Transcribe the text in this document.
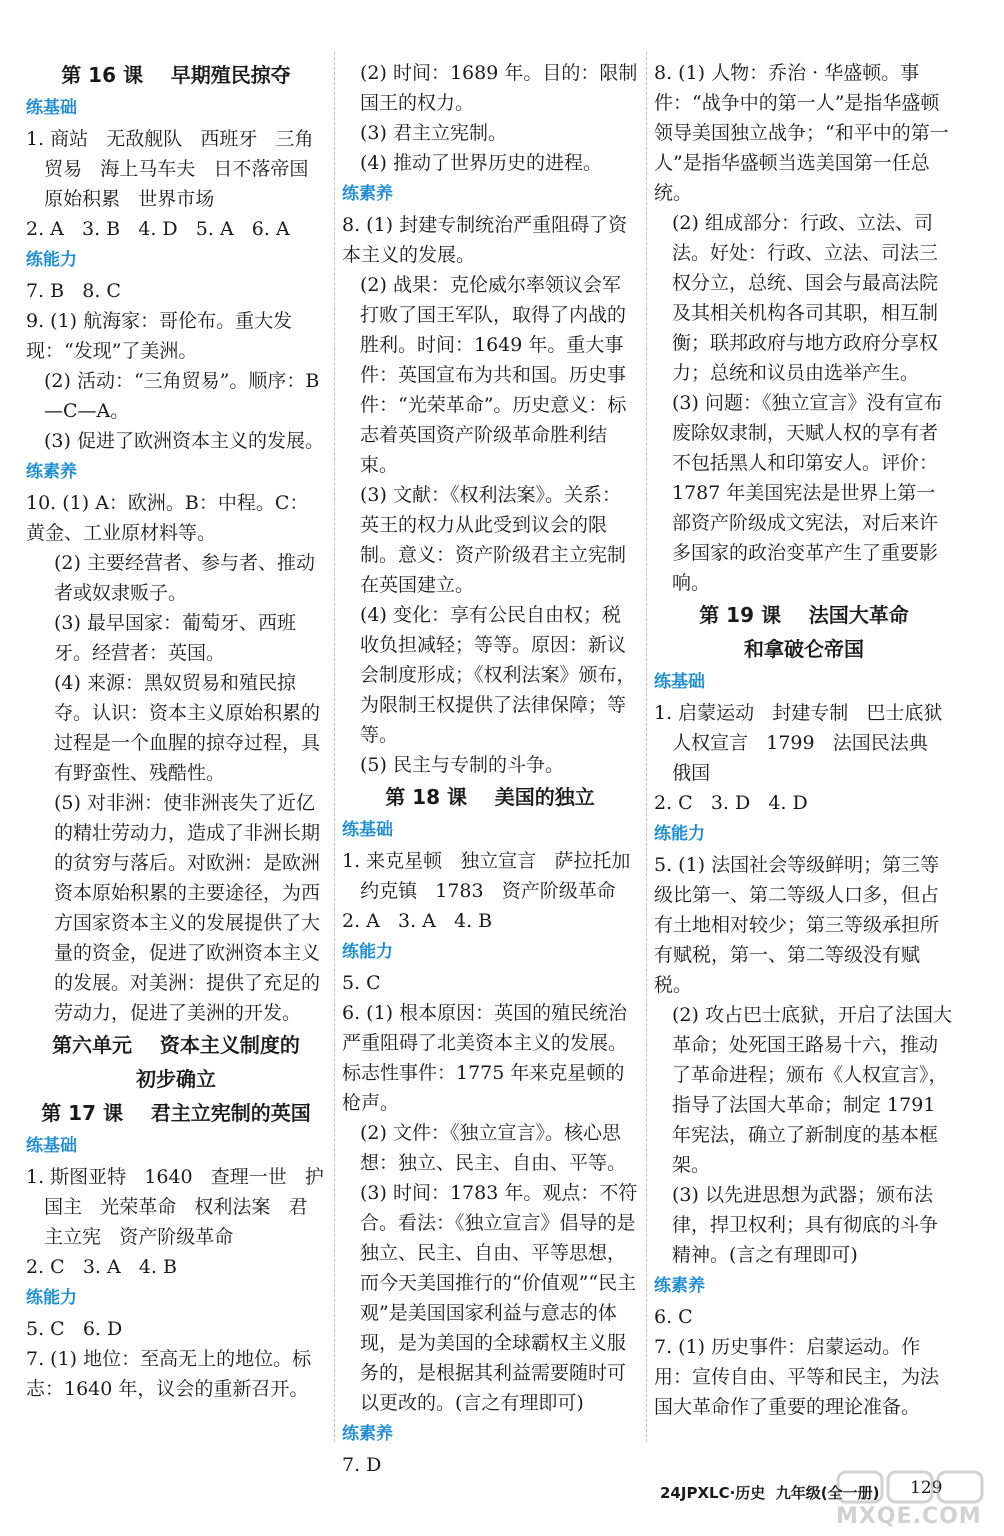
第 16 课    早期殖民掠夺
练基础
1. 商站   无敌舰队   西班牙   三角
贸易   海上马车夫   日不落帝国
原始积累   世界市场
2. A   3. B   4. D   5. A   6. A
练能力
7. B   8. C
9. (1) 航海家：哥伦布。重大发现：“发现”了美洲。
(2) 活动：“三角贸易”。顺序：B—C—A。
(3) 促进了欧洲资本主义的发展。
练素养
10. (1) A：欧洲。B：中程。C：黄金、工业原材料等。
(2) 主要经营者、参与者、推动者或奴隶贩子。
(3) 最早国家：葡萄牙、西班牙。经营者：英国。
(4) 来源：黑奴贸易和殖民掠夺。认识：资本主义原始积累的过程是一个血腥的掠夺过程，具有野蛮性、残酷性。
(5) 对非洲：使非洲丧失了近亿的精壮劳动力，造成了非洲长期的贫穷与落后。对欧洲：是欧洲资本原始积累的主要途径，为西方国家资本主义的发展提供了大量的资金，促进了欧洲资本主义的发展。对美洲：提供了充足的劳动力，促进了美洲的开发。
第六单元    资本主义制度的
初步确立
第 17 课    君主立宪制的英国
练基础
1. 斯图亚特   1640   查理一世   护
国主   光荣革命   权利法案   君
主立宪   资产阶级革命
2. C   3. A   4. B
练能力
5. C   6. D
7. (1) 地位：至高无上的地位。标志：1640 年，议会的重新召开。
(2) 时间：1689 年。目的：限制国王的权力。
(3) 君主立宪制。
(4) 推动了世界历史的进程。
练素养
8. (1) 封建专制统治严重阻碍了资本主义的发展。
(2) 战果：克伦威尔率领议会军打败了国王军队，取得了内战的胜利。时间：1649 年。重大事件：英国宣布为共和国。历史事件：“光荣革命”。历史意义：标志着英国资产阶级革命胜利结束。
(3) 文献：《权利法案》。关系：英王的权力从此受到议会的限制。意义：资产阶级君主立宪制在英国建立。
(4) 变化：享有公民自由权；税收负担减轻；等等。原因：新议会制度形成；《权利法案》颁布，为限制王权提供了法律保障；等等。
(5) 民主与专制的斗争。
第 18 课    美国的独立
练基础
1. 来克星顿   独立宣言   萨拉托加
约克镇   1783   资产阶级革命
2. A   3. A   4. B
练能力
5. C
6. (1) 根本原因：英国的殖民统治严重阻碍了北美资本主义的发展。标志性事件：1775 年来克星顿的枪声。
(2) 文件：《独立宣言》。核心思想：独立、民主、自由、平等。
(3) 时间：1783 年。观点：不符合。看法：《独立宣言》倡导的是独立、民主、自由、平等思想，而今天美国推行的“价值观”“民主观”是美国国家利益与意志的体现，是为美国的全球霸权主义服务的，是根据其利益需要随时可以更改的。(言之有理即可)
练素养
7. D
8. (1) 人物：乔治 · 华盛顿。事件：“战争中的第一人”是指华盛顿领导美国独立战争；“和平中的第一人”是指华盛顿当选美国第一任总统。
(2) 组成部分：行政、立法、司法。好处：行政、立法、司法三权分立，总统、国会与最高法院及其相关机构各司其职，相互制衡；联邦政府与地方政府分享权力；总统和议员由选举产生。
(3) 问题：《独立宣言》没有宣布废除奴隶制，天赋人权的享有者不包括黑人和印第安人。评价：1787 年美国宪法是世界上第一部资产阶级成文宪法，对后来许多国家的政治变革产生了重要影响。
第 19 课    法国大革命
和拿破仑帝国
练基础
1. 启蒙运动   封建专制   巴士底狱
人权宣言   1799   法国民法典
俄国
2. C   3. D   4. D
练能力
5. (1) 法国社会等级鲜明；第三等级比第一、第二等级人口多，但占有土地相对较少；第三等级承担所有赋税，第一、第二等级没有赋税。
(2) 攻占巴士底狱，开启了法国大革命；处死国王路易十六，推动了革命进程；颁布《人权宣言》，指导了法国大革命；制定 1791 年宪法，确立了新制度的基本框架。
(3) 以先进思想为武器；颁布法律，捍卫权利；具有彻底的斗争精神。(言之有理即可)
练素养
6. C
7. (1) 历史事件：启蒙运动。作用：宣传自由、平等和民主，为法国大革命作了重要的理论准备。
24JPXLC·历史  九年级(全一册) 129
MXQE.COM
